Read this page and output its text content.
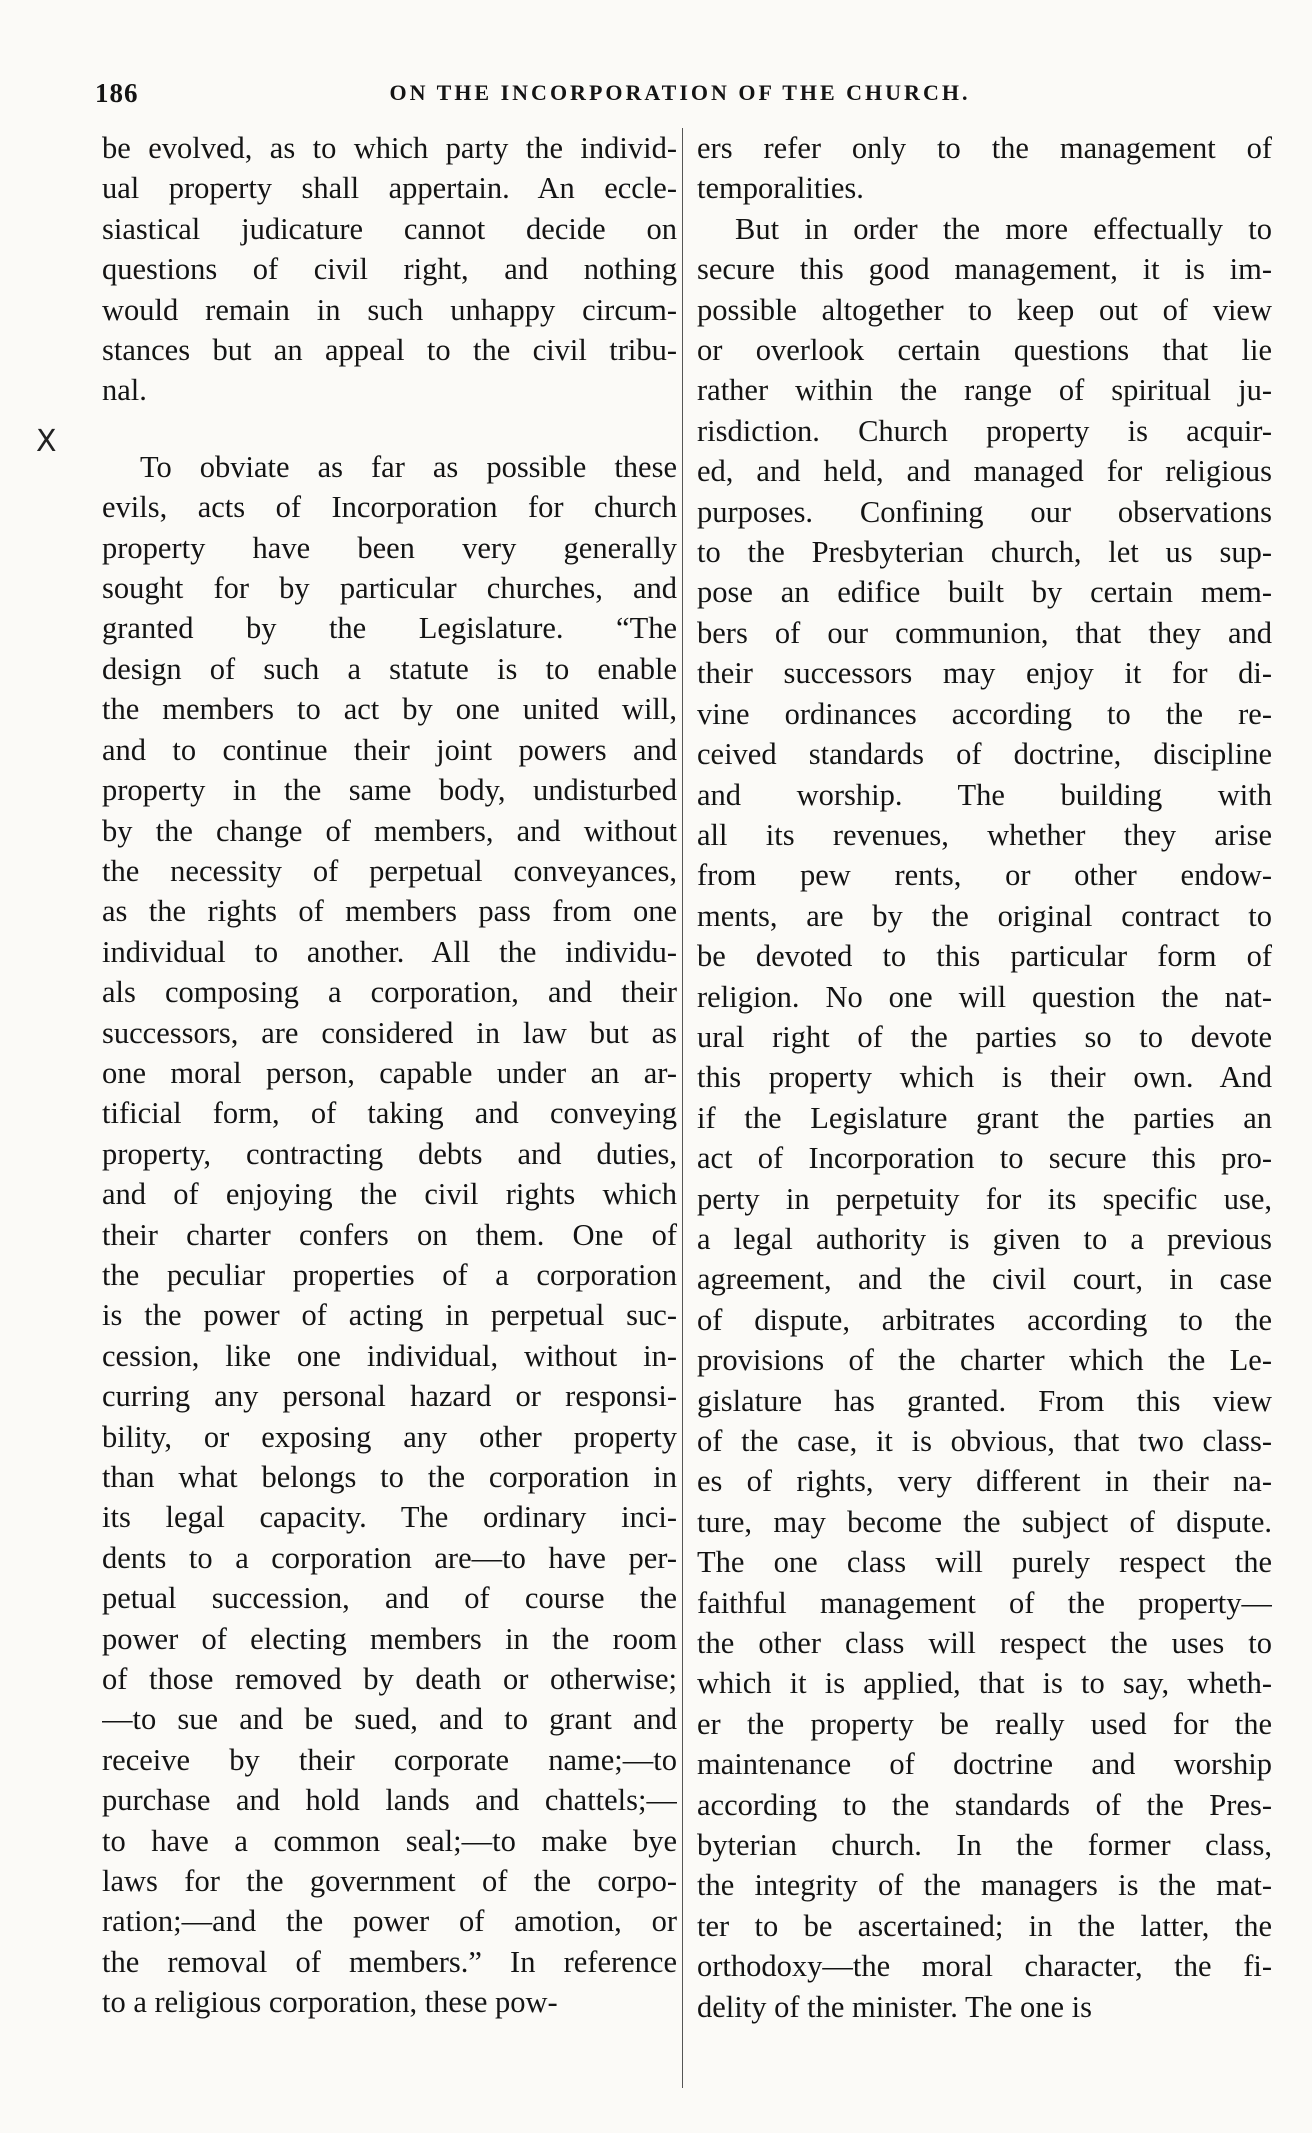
186	ON THE INCORPORATION OF THE CHURCH.
X
be evolved, as to which party the individ-
ual property shall appertain. An eccle-
siastical judicature cannot decide on
questions of civil right, and nothing
would remain in such unhappy circum-
stances but an appeal to the civil tribu-
nal.
To obviate as far as possible these
evils, acts of Incorporation for church
property have been very generally
sought for by particular churches, and
granted by the Legislature. “The
design of such a statute is to enable
the members to act by one united will,
and to continue their joint powers and
property in the same body, undisturbed
by the change of members, and without
the necessity of perpetual conveyances,
as the rights of members pass from one
individual to another. All the individu-
als composing a corporation, and their
successors, are considered in law but as
one moral person, capable under an ar-
tificial form, of taking and conveying
property, contracting debts and duties,
and of enjoying the civil rights which
their charter confers on them. One of
the peculiar properties of a corporation
is the power of acting in perpetual suc-
cession, like one individual, without in-
curring any personal hazard or responsi-
bility, or exposing any other property
than what belongs to the corporation in
its legal capacity. The ordinary inci-
dents to a corporation are—to have per-
petual succession, and of course the
power of electing members in the room
of those removed by death or otherwise;
—to sue and be sued, and to grant and
receive by their corporate name;—to
purchase and hold lands and chattels;—
to have a common seal;—to make bye
laws for the government of the corpo-
ration;—and the power of amotion, or
the removal of members.” In reference
to a religious corporation, these pow-
ers refer only to the management of
temporalities.
But in order the more effectually to
secure this good management, it is im-
possible altogether to keep out of view
or overlook certain questions that lie
rather within the range of spiritual ju-
risdiction. Church property is acquir-
ed, and held, and managed for religious
purposes. Confining our observations
to the Presbyterian church, let us sup-
pose an edifice built by certain mem-
bers of our communion, that they and
their successors may enjoy it for di-
vine ordinances according to the re-
ceived standards of doctrine, discipline
and worship. The building with
all its revenues, whether they arise
from pew rents, or other endow-
ments, are by the original contract to
be devoted to this particular form of
religion. No one will question the nat-
ural right of the parties so to devote
this property which is their own. And
if the Legislature grant the parties an
act of Incorporation to secure this pro-
perty in perpetuity for its specific use,
a legal authority is given to a previous
agreement, and the civil court, in case
of dispute, arbitrates according to the
provisions of the charter which the Le-
gislature has granted. From this view
of the case, it is obvious, that two class-
es of rights, very different in their na-
ture, may become the subject of dispute.
The one class will purely respect the
faithful management of the property—
the other class will respect the uses to
which it is applied, that is to say, wheth-
er the property be really used for the
maintenance of doctrine and worship
according to the standards of the Pres-
byterian church. In the former class,
the integrity of the managers is the mat-
ter to be ascertained; in the latter, the
orthodoxy—the moral character, the fi-
delity of the minister. The one is
